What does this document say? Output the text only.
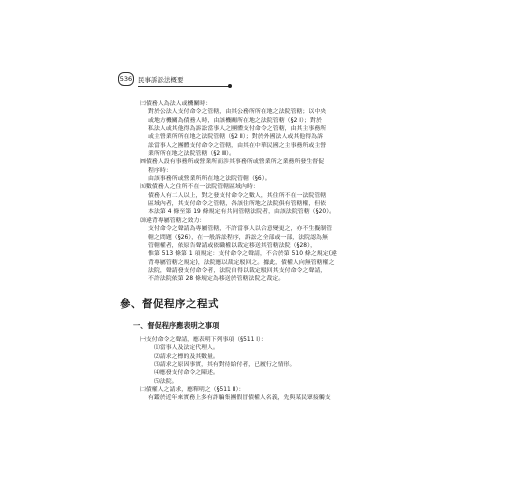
536 民事訴訟法概要
㈢債務人為法人或機關時：
對於公法人支付命令之管轄，由其公務所所在地之法院管轄；以中央
或地方機關為債務人時，由該機關所在地之法院管轄（§2 Ⅰ）；對於
私法人或其他得為訴訟當事人之團體支付命令之管轄，由其主事務所
或主營業所所在地之法院管轄（§2 Ⅱ）；對於外國法人或其他得為訴
訟當事人之團體支付命令之管轄，由其在中華民國之主事務所或主營
業所所在地之法院管轄（§2 Ⅲ）。
㈣債務人設有事務所或營業所而涉其事務所或營業所之業務所發生督促
程序時：
由該事務所或營業所所在地之法院管轄（§6）。
㈤數債務人之住所不在一法院管轄區域內時：
債務人有二人以上，對之發支付命令之數人，其住所不在一法院管轄
區域內者，其支付命令之管轄，各該住所地之法院俱有管轄權，但依
本法第 4 條至第 19 條規定有共同管轄法院者，由該法院管轄（§20）。
⒇違背專屬管轄之效力：
支付命令之聲請為專屬管轄，不許當事人以合意變更之，亦不生擬制管
轄之問題（§26），在一般訴訟程序，訴訟之全部或一部，法院認為無
管轄權者，依原告聲請或依職權以裁定移送其管轄法院（§28），
惟第 513 條第 1 項規定：支付命令之聲請，不合於第 510 條之規定(違
背專屬管轄之規定)，法院應以裁定駁回之。據此，債權人向無管轄權之
法院，聲請發支付命令者，法院自得以裁定駁回其支付命令之聲請，
不許法院依第 28 條規定為移送於管轄法院之裁定。
參、督促程序之程式
一、督促程序應表明之事項
㈠支付命令之聲請，應表明下列事項（§511 Ⅰ）：
⑴當事人及法定代理人。
⑵請求之標的及其數量。
⑶請求之原因事實，其有對待給付者，已履行之情形。
⑷應發支付命令之陳述。
⑸法院。
㈡債權人之請求，應釋明之（§511 Ⅱ）：
有鑑於近年來實務上多有詐騙集團假冒債權人名義，先與某民眾接觸支
